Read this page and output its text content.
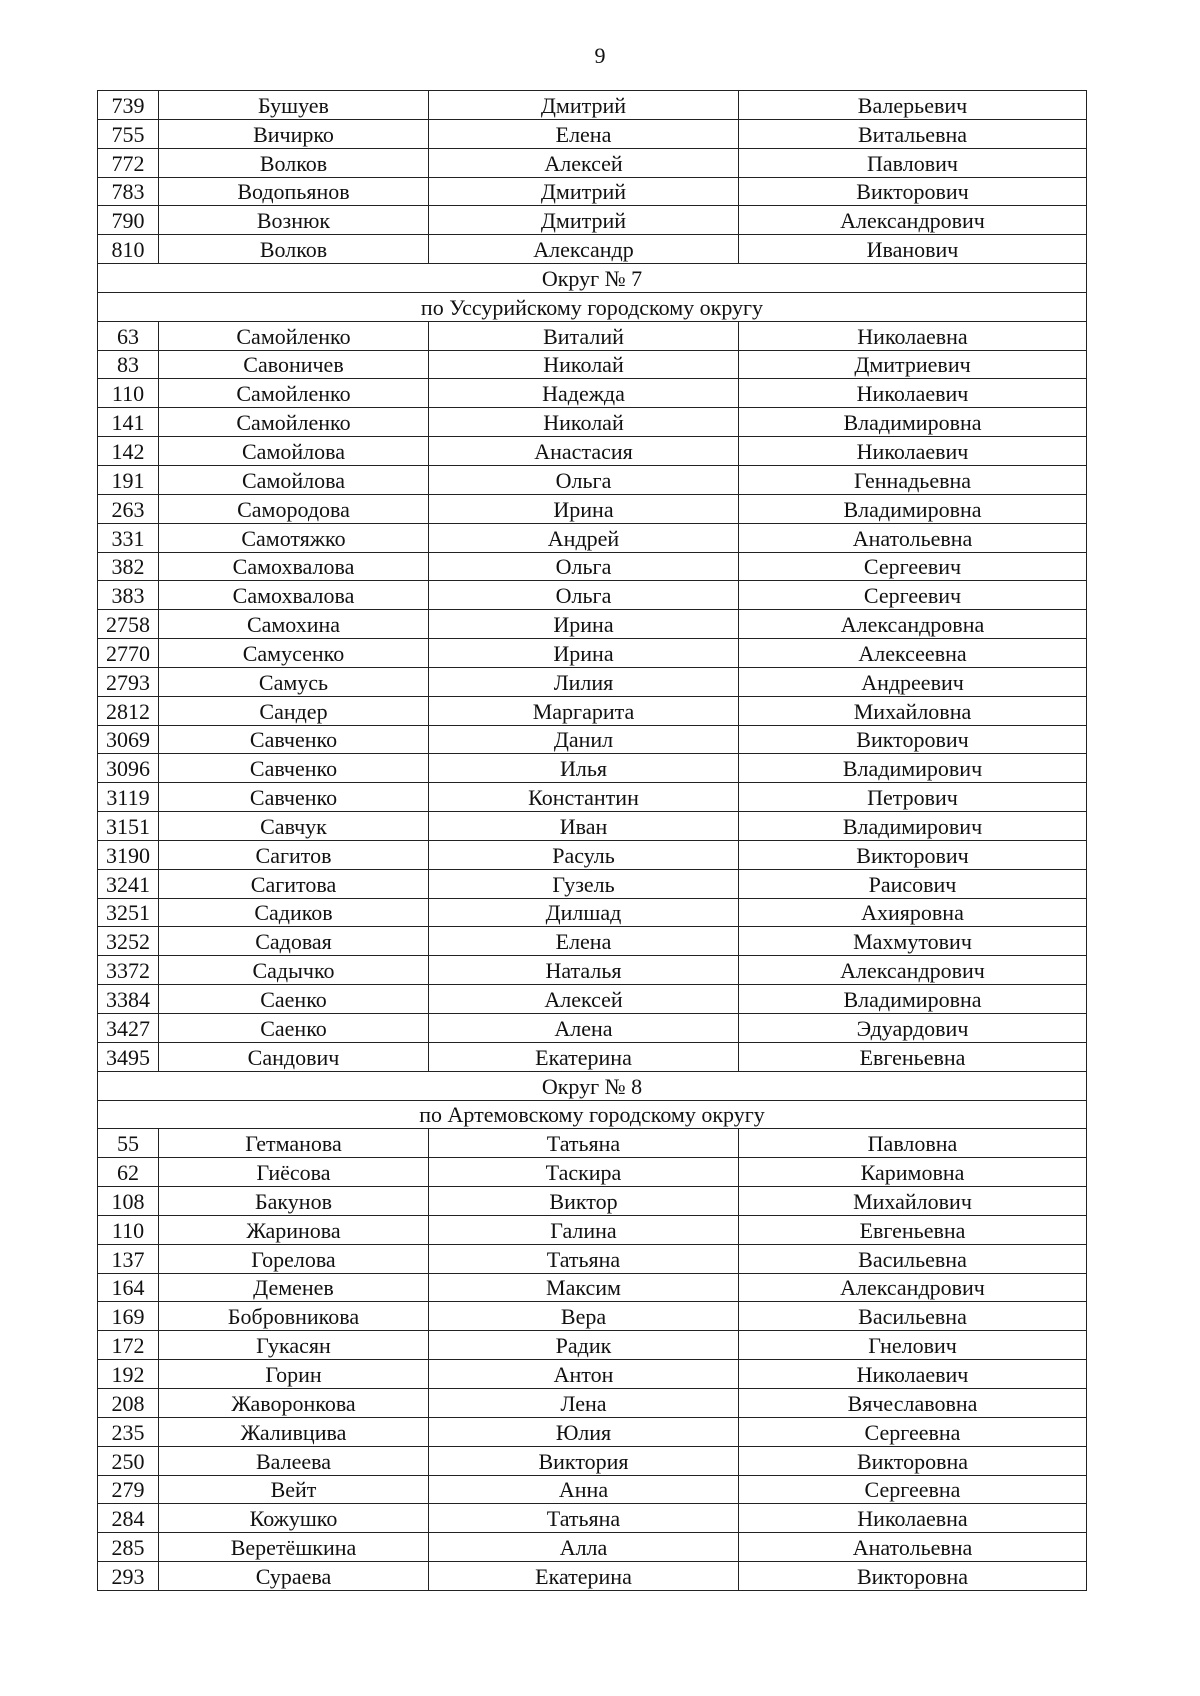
9
739	Бушуев	Дмитрий	Валерьевич
755	Вичирко	Елена	Витальевна
772	Волков	Алексей	Павлович
783	Водопьянов	Дмитрий	Викторович
790	Вознюк	Дмитрий	Александрович
810	Волков	Александр	Иванович
Округ № 7			
по Уссурийскому городскому округу			
63	Самойленко	Виталий	Николаевна
83	Савоничев	Николай	Дмитриевич
110	Самойленко	Надежда	Николаевич
141	Самойленко	Николай	Владимировна
142	Самойлова	Анастасия	Николаевич
191	Самойлова	Ольга	Геннадьевна
263	Самородова	Ирина	Владимировна
331	Самотяжко	Андрей	Анатольевна
382	Самохвалова	Ольга	Сергеевич
383	Самохвалова	Ольга	Сергеевич
2758	Самохина	Ирина	Александровна
2770	Самусенко	Ирина	Алексеевна
2793	Самусь	Лилия	Андреевич
2812	Сандер	Маргарита	Михайловна
3069	Савченко	Данил	Викторович
3096	Савченко	Илья	Владимирович
3119	Савченко	Константин	Петрович
3151	Савчук	Иван	Владимирович
3190	Сагитов	Расуль	Викторович
3241	Сагитова	Гузель	Раисович
3251	Садиков	Дилшад	Ахияровна
3252	Садовая	Елена	Махмутович
3372	Садычко	Наталья	Александрович
3384	Саенко	Алексей	Владимировна
3427	Саенко	Алена	Эдуардович
3495	Сандович	Екатерина	Евгеньевна
Округ № 8			
по Артемовскому городскому округу			
55	Гетманова	Татьяна	Павловна
62	Гиёсова	Таскира	Каримовна
108	Бакунов	Виктор	Михайлович
110	Жаринова	Галина	Евгеньевна
137	Горелова	Татьяна	Васильевна
164	Деменев	Максим	Александрович
169	Бобровникова	Вера	Васильевна
172	Гукасян	Радик	Гнелович
192	Горин	Антон	Николаевич
208	Жаворонкова	Лена	Вячеславовна
235	Жаливцива	Юлия	Сергеевна
250	Валеева	Виктория	Викторовна
279	Вейт	Анна	Сергеевна
284	Кожушко	Татьяна	Николаевна
285	Веретёшкина	Алла	Анатольевна
293	Сураева	Екатерина	Викторовна
